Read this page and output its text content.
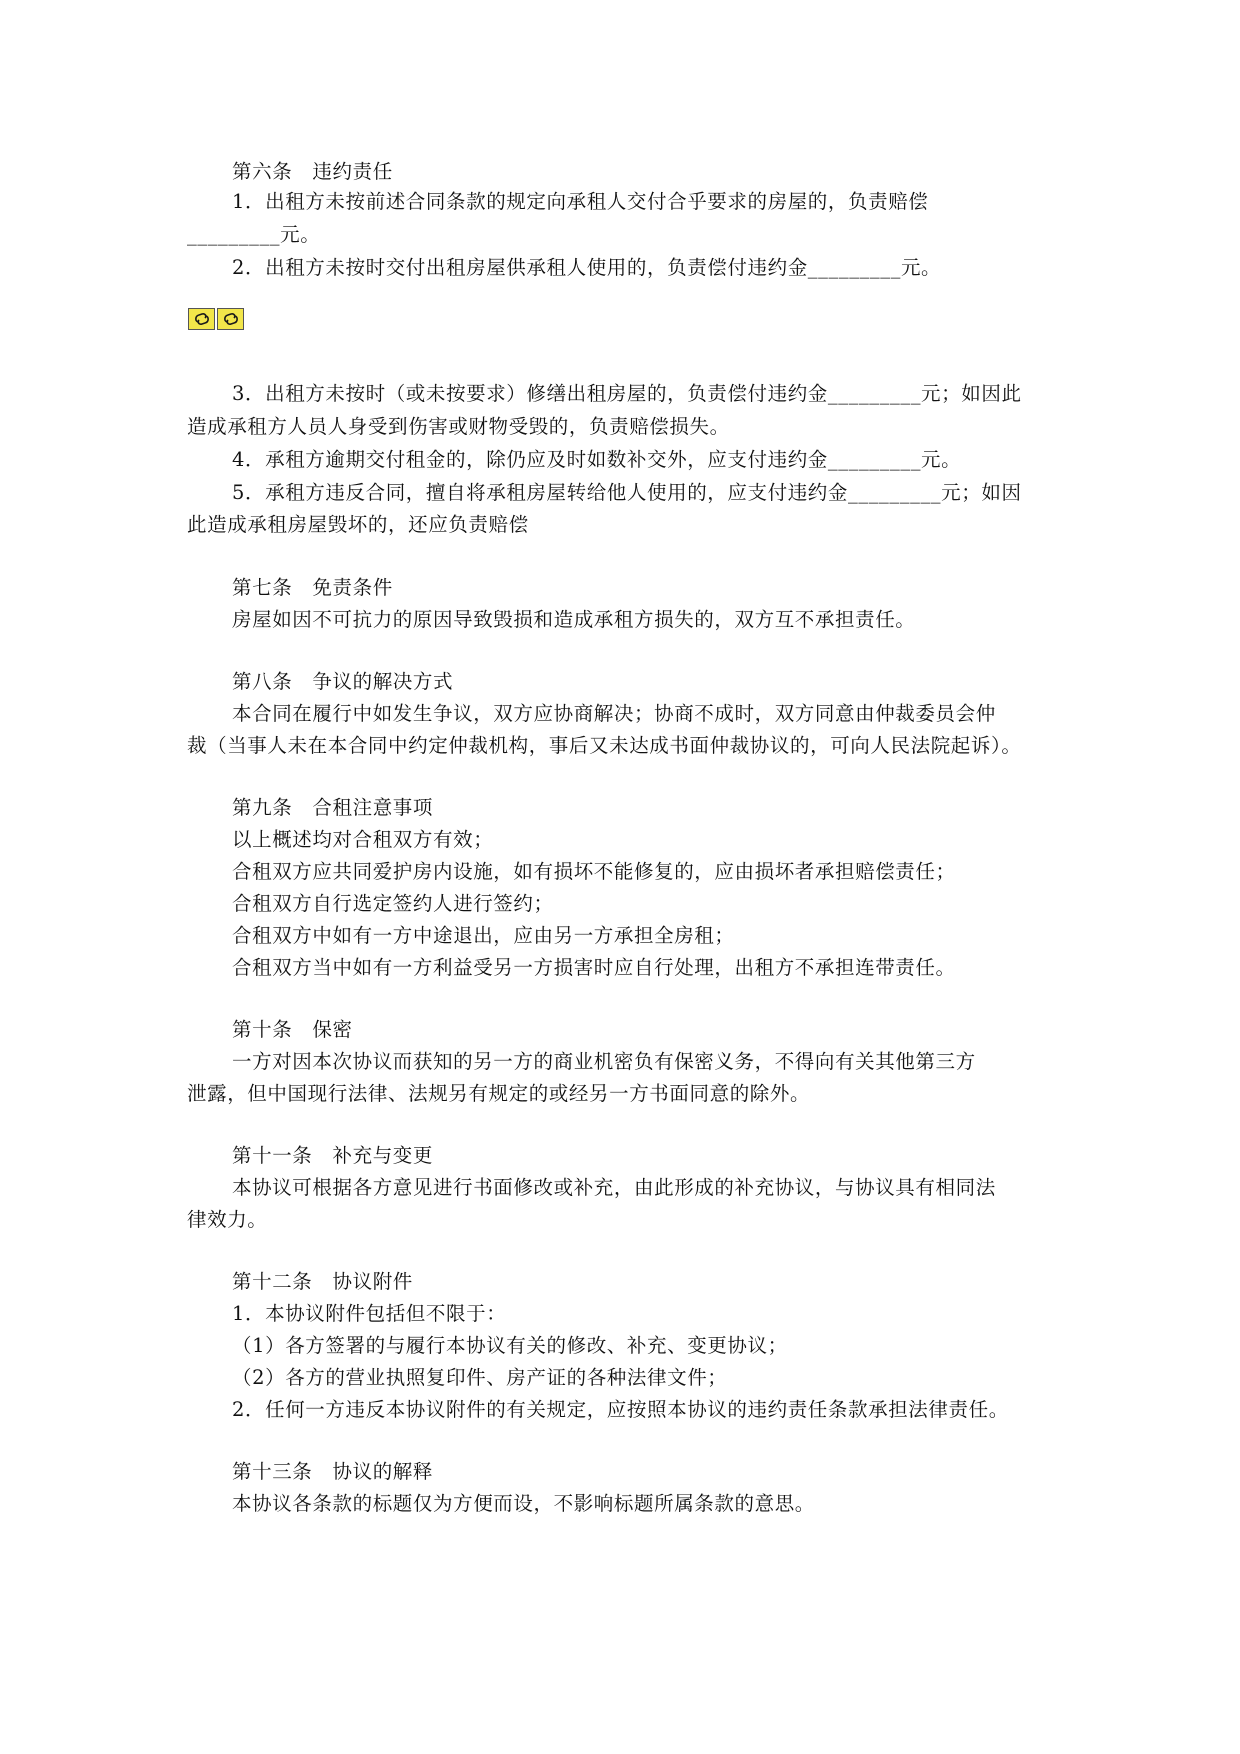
第六条　违约责任
1．出租方未按前述合同条款的规定向承租人交付合乎要求的房屋的，负责赔偿
_________元。
2．出租方未按时交付出租房屋供承租人使用的，负责偿付违约金_________元。
3．出租方未按时（或未按要求）修缮出租房屋的，负责偿付违约金_________元；如因此
造成承租方人员人身受到伤害或财物受毁的，负责赔偿损失。
4．承租方逾期交付租金的，除仍应及时如数补交外，应支付违约金_________元。
5．承租方违反合同，擅自将承租房屋转给他人使用的，应支付违约金_________元；如因
此造成承租房屋毁坏的，还应负责赔偿
第七条　免责条件
房屋如因不可抗力的原因导致毁损和造成承租方损失的，双方互不承担责任。
第八条　争议的解决方式
本合同在履行中如发生争议，双方应协商解决；协商不成时，双方同意由仲裁委员会仲
裁（当事人未在本合同中约定仲裁机构，事后又未达成书面仲裁协议的，可向人民法院起诉）。
第九条　合租注意事项
以上概述均对合租双方有效；
合租双方应共同爱护房内设施，如有损坏不能修复的，应由损坏者承担赔偿责任；
合租双方自行选定签约人进行签约；
合租双方中如有一方中途退出，应由另一方承担全房租；
合租双方当中如有一方利益受另一方损害时应自行处理，出租方不承担连带责任。
第十条　保密
一方对因本次协议而获知的另一方的商业机密负有保密义务，不得向有关其他第三方
泄露，但中国现行法律、法规另有规定的或经另一方书面同意的除外。
第十一条　补充与变更
本协议可根据各方意见进行书面修改或补充，由此形成的补充协议，与协议具有相同法
律效力。
第十二条　协议附件
1．本协议附件包括但不限于：
（1）各方签署的与履行本协议有关的修改、补充、变更协议；
（2）各方的营业执照复印件、房产证的各种法律文件；
2．任何一方违反本协议附件的有关规定，应按照本协议的违约责任条款承担法律责任。
第十三条　协议的解释
本协议各条款的标题仅为方便而设，不影响标题所属条款的意思。
